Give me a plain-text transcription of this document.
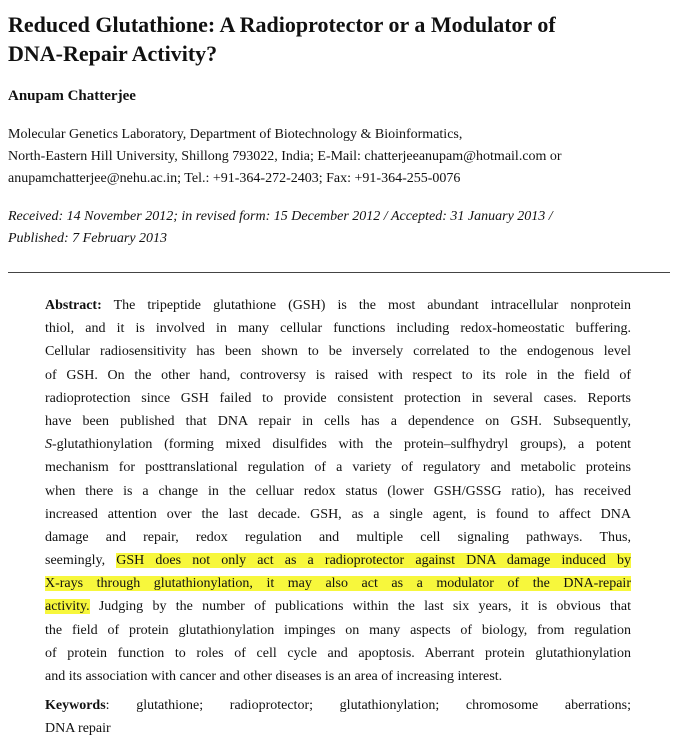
Reduced Glutathione: A Radioprotector or a Modulator of
DNA-Repair Activity?
Anupam Chatterjee
Molecular Genetics Laboratory, Department of Biotechnology & Bioinformatics,
North-Eastern Hill University, Shillong 793022, India; E-Mail: chatterjeeanupam@hotmail.com or
anupamchatterjee@nehu.ac.in; Tel.: +91-364-272-2403; Fax: +91-364-255-0076
Received: 14 November 2012; in revised form: 15 December 2012 / Accepted: 31 January 2013 /
Published: 7 February 2013
Abstract: The tripeptide glutathione (GSH) is the most abundant intracellular nonprotein
thiol, and it is involved in many cellular functions including redox-homeostatic buffering.
Cellular radiosensitivity has been shown to be inversely correlated to the endogenous level
of GSH. On the other hand, controversy is raised with respect to its role in the field of
radioprotection since GSH failed to provide consistent protection in several cases. Reports
have been published that DNA repair in cells has a dependence on GSH. Subsequently,
S-glutathionylation (forming mixed disulfides with the protein–sulfhydryl groups), a potent
mechanism for posttranslational regulation of a variety of regulatory and metabolic proteins
when there is a change in the celluar redox status (lower GSH/GSSG ratio), has received
increased attention over the last decade. GSH, as a single agent, is found to affect DNA
damage and repair, redox regulation and multiple cell signaling pathways. Thus,
seemingly, GSH does not only act as a radioprotector against DNA damage induced by
X-rays through glutathionylation, it may also act as a modulator of the DNA-repair
activity. Judging by the number of publications within the last six years, it is obvious that
the field of protein glutathionylation impinges on many aspects of biology, from regulation
of protein function to roles of cell cycle and apoptosis. Aberrant protein glutathionylation
and its association with cancer and other diseases is an area of increasing interest.
Keywords: glutathione; radioprotector; glutathionylation; chromosome aberrations;
DNA repair
